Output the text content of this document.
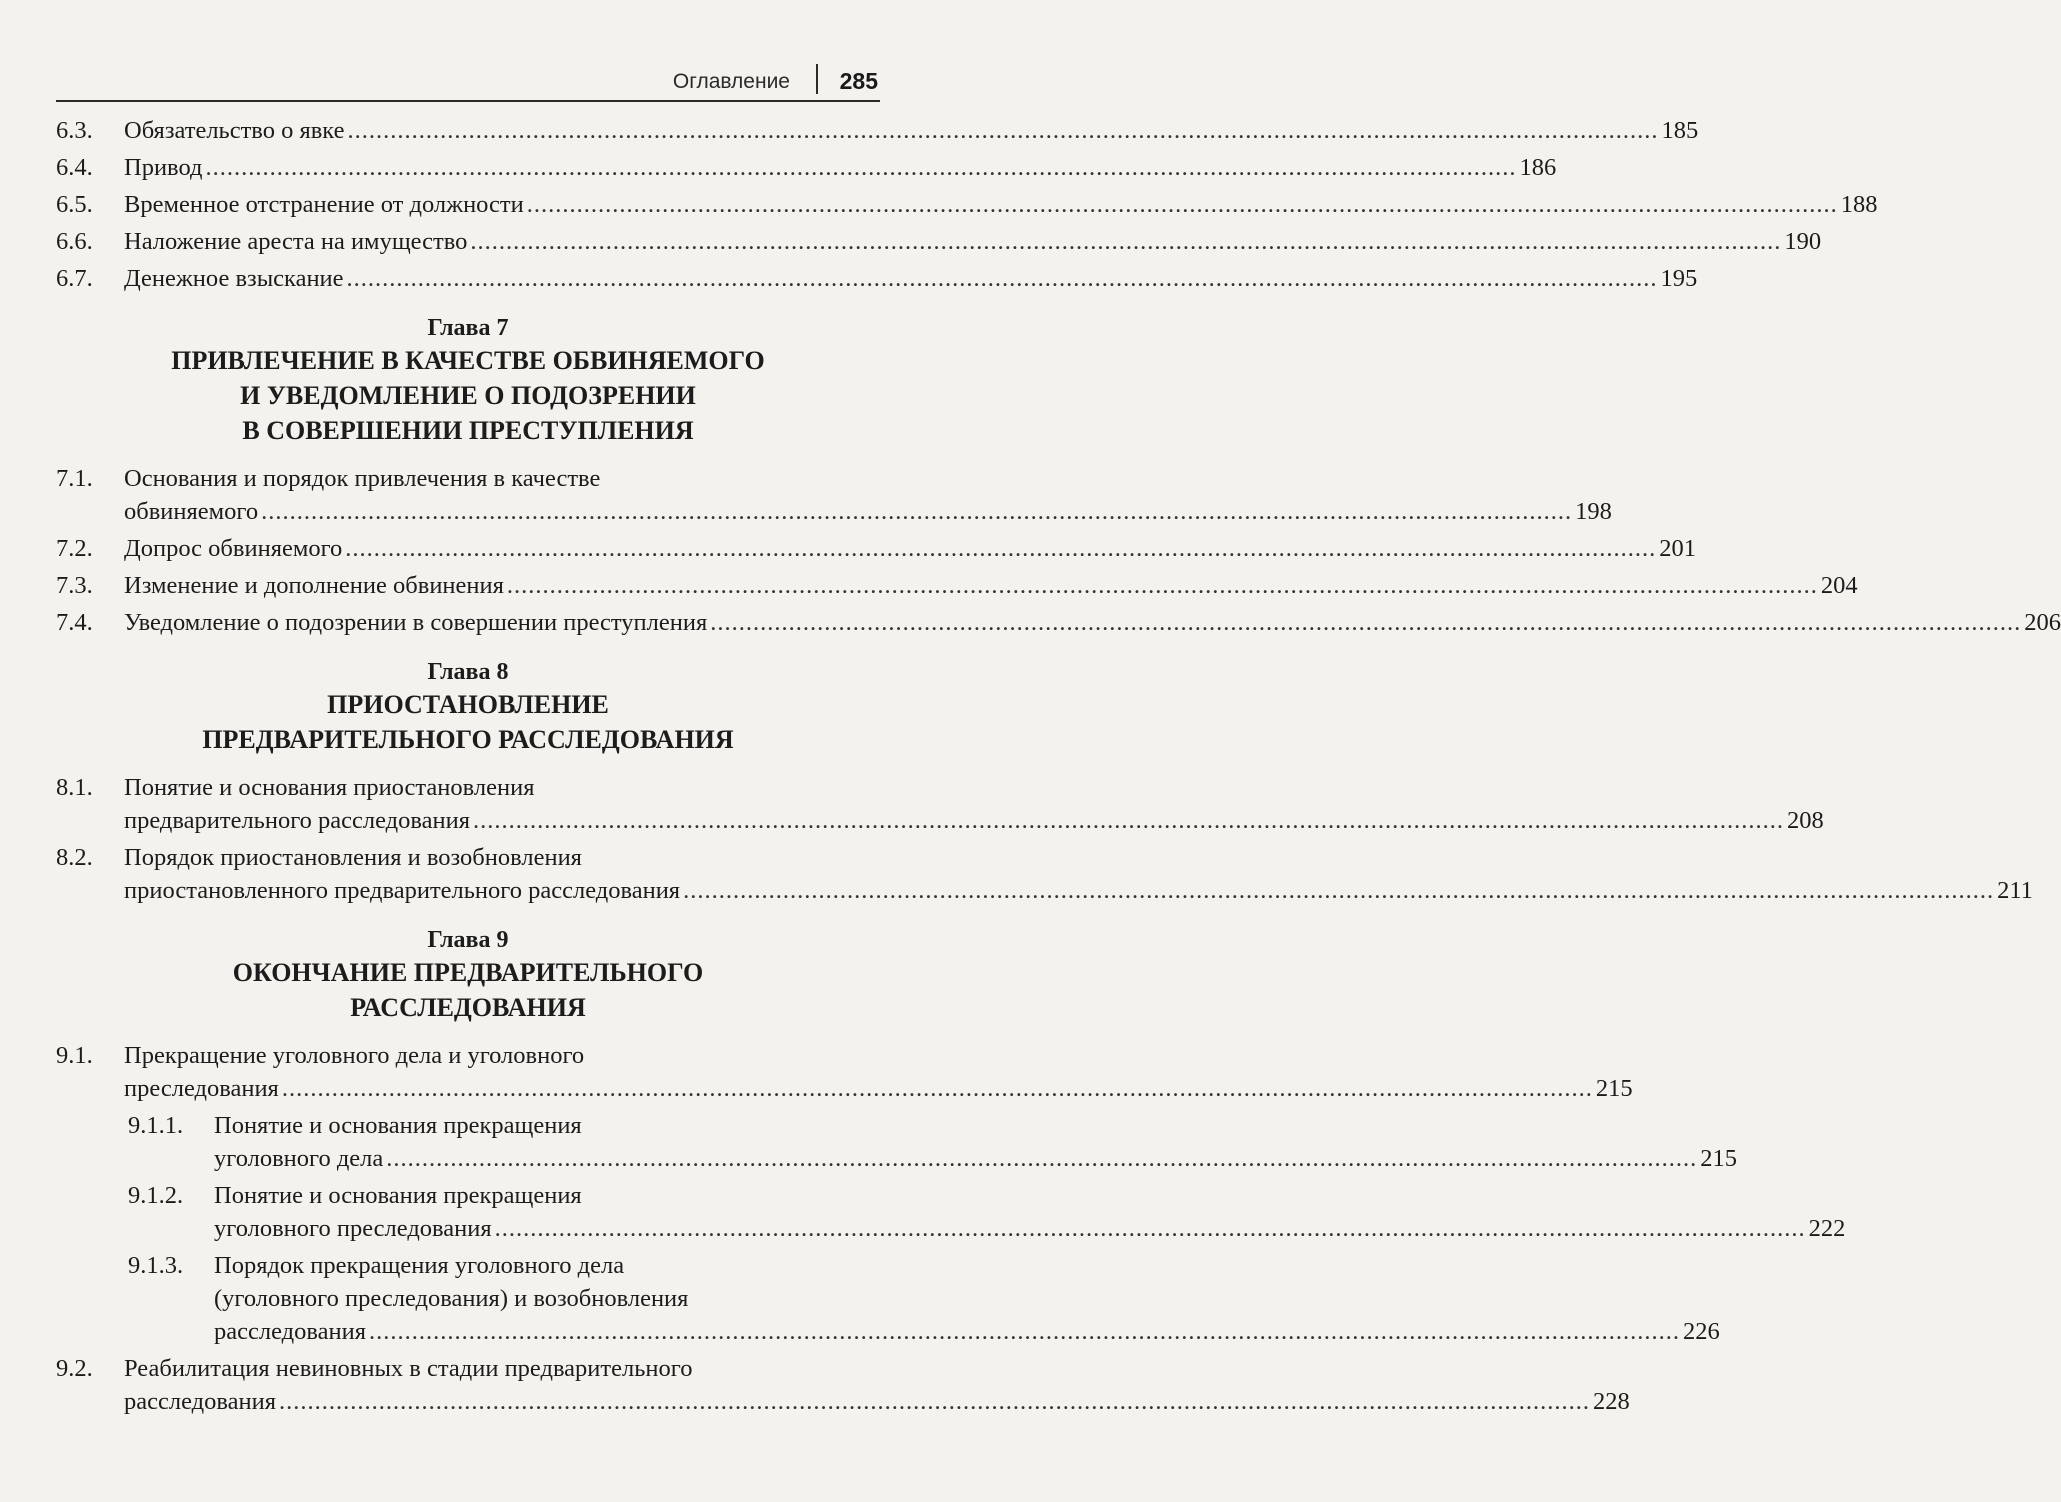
Оглавление 285
6.3.	Обязательство о явке .....	185
6.4.	Привод .....	186
6.5.	Временное отстранение от должности .....	188
6.6.	Наложение ареста на имущество .....	190
6.7.	Денежное взыскание .....	195
Глава 7
ПРИВЛЕЧЕНИЕ В КАЧЕСТВЕ ОБВИНЯЕМОГО
И УВЕДОМЛЕНИЕ О ПОДОЗРЕНИИ
В СОВЕРШЕНИИ ПРЕСТУПЛЕНИЯ
7.1.	Основания и порядок привлечения в качестве
обвиняемого .....	198
7.2.	Допрос обвиняемого .....	201
7.3.	Изменение и дополнение обвинения .....	204
7.4.	Уведомление о подозрении в совершении преступления .....	206
Глава 8
ПРИОСТАНОВЛЕНИЕ
ПРЕДВАРИТЕЛЬНОГО РАССЛЕДОВАНИЯ
8.1.	Понятие и основания приостановления
предварительного расследования .....	208
8.2.	Порядок приостановления и возобновления
приостановленного предварительного расследования .....	211
Глава 9
ОКОНЧАНИЕ ПРЕДВАРИТЕЛЬНОГО
РАССЛЕДОВАНИЯ
9.1.	Прекращение уголовного дела и уголовного
преследования .....	215
9.1.1.	Понятие и основания прекращения
уголовного дела .....	215
9.1.2.	Понятие и основания прекращения
уголовного преследования .....	222
9.1.3.	Порядок прекращения уголовного дела
(уголовного преследования) и возобновления
расследования .....	226
9.2.	Реабилитация невиновных в стадии предварительного
расследования .....	228
